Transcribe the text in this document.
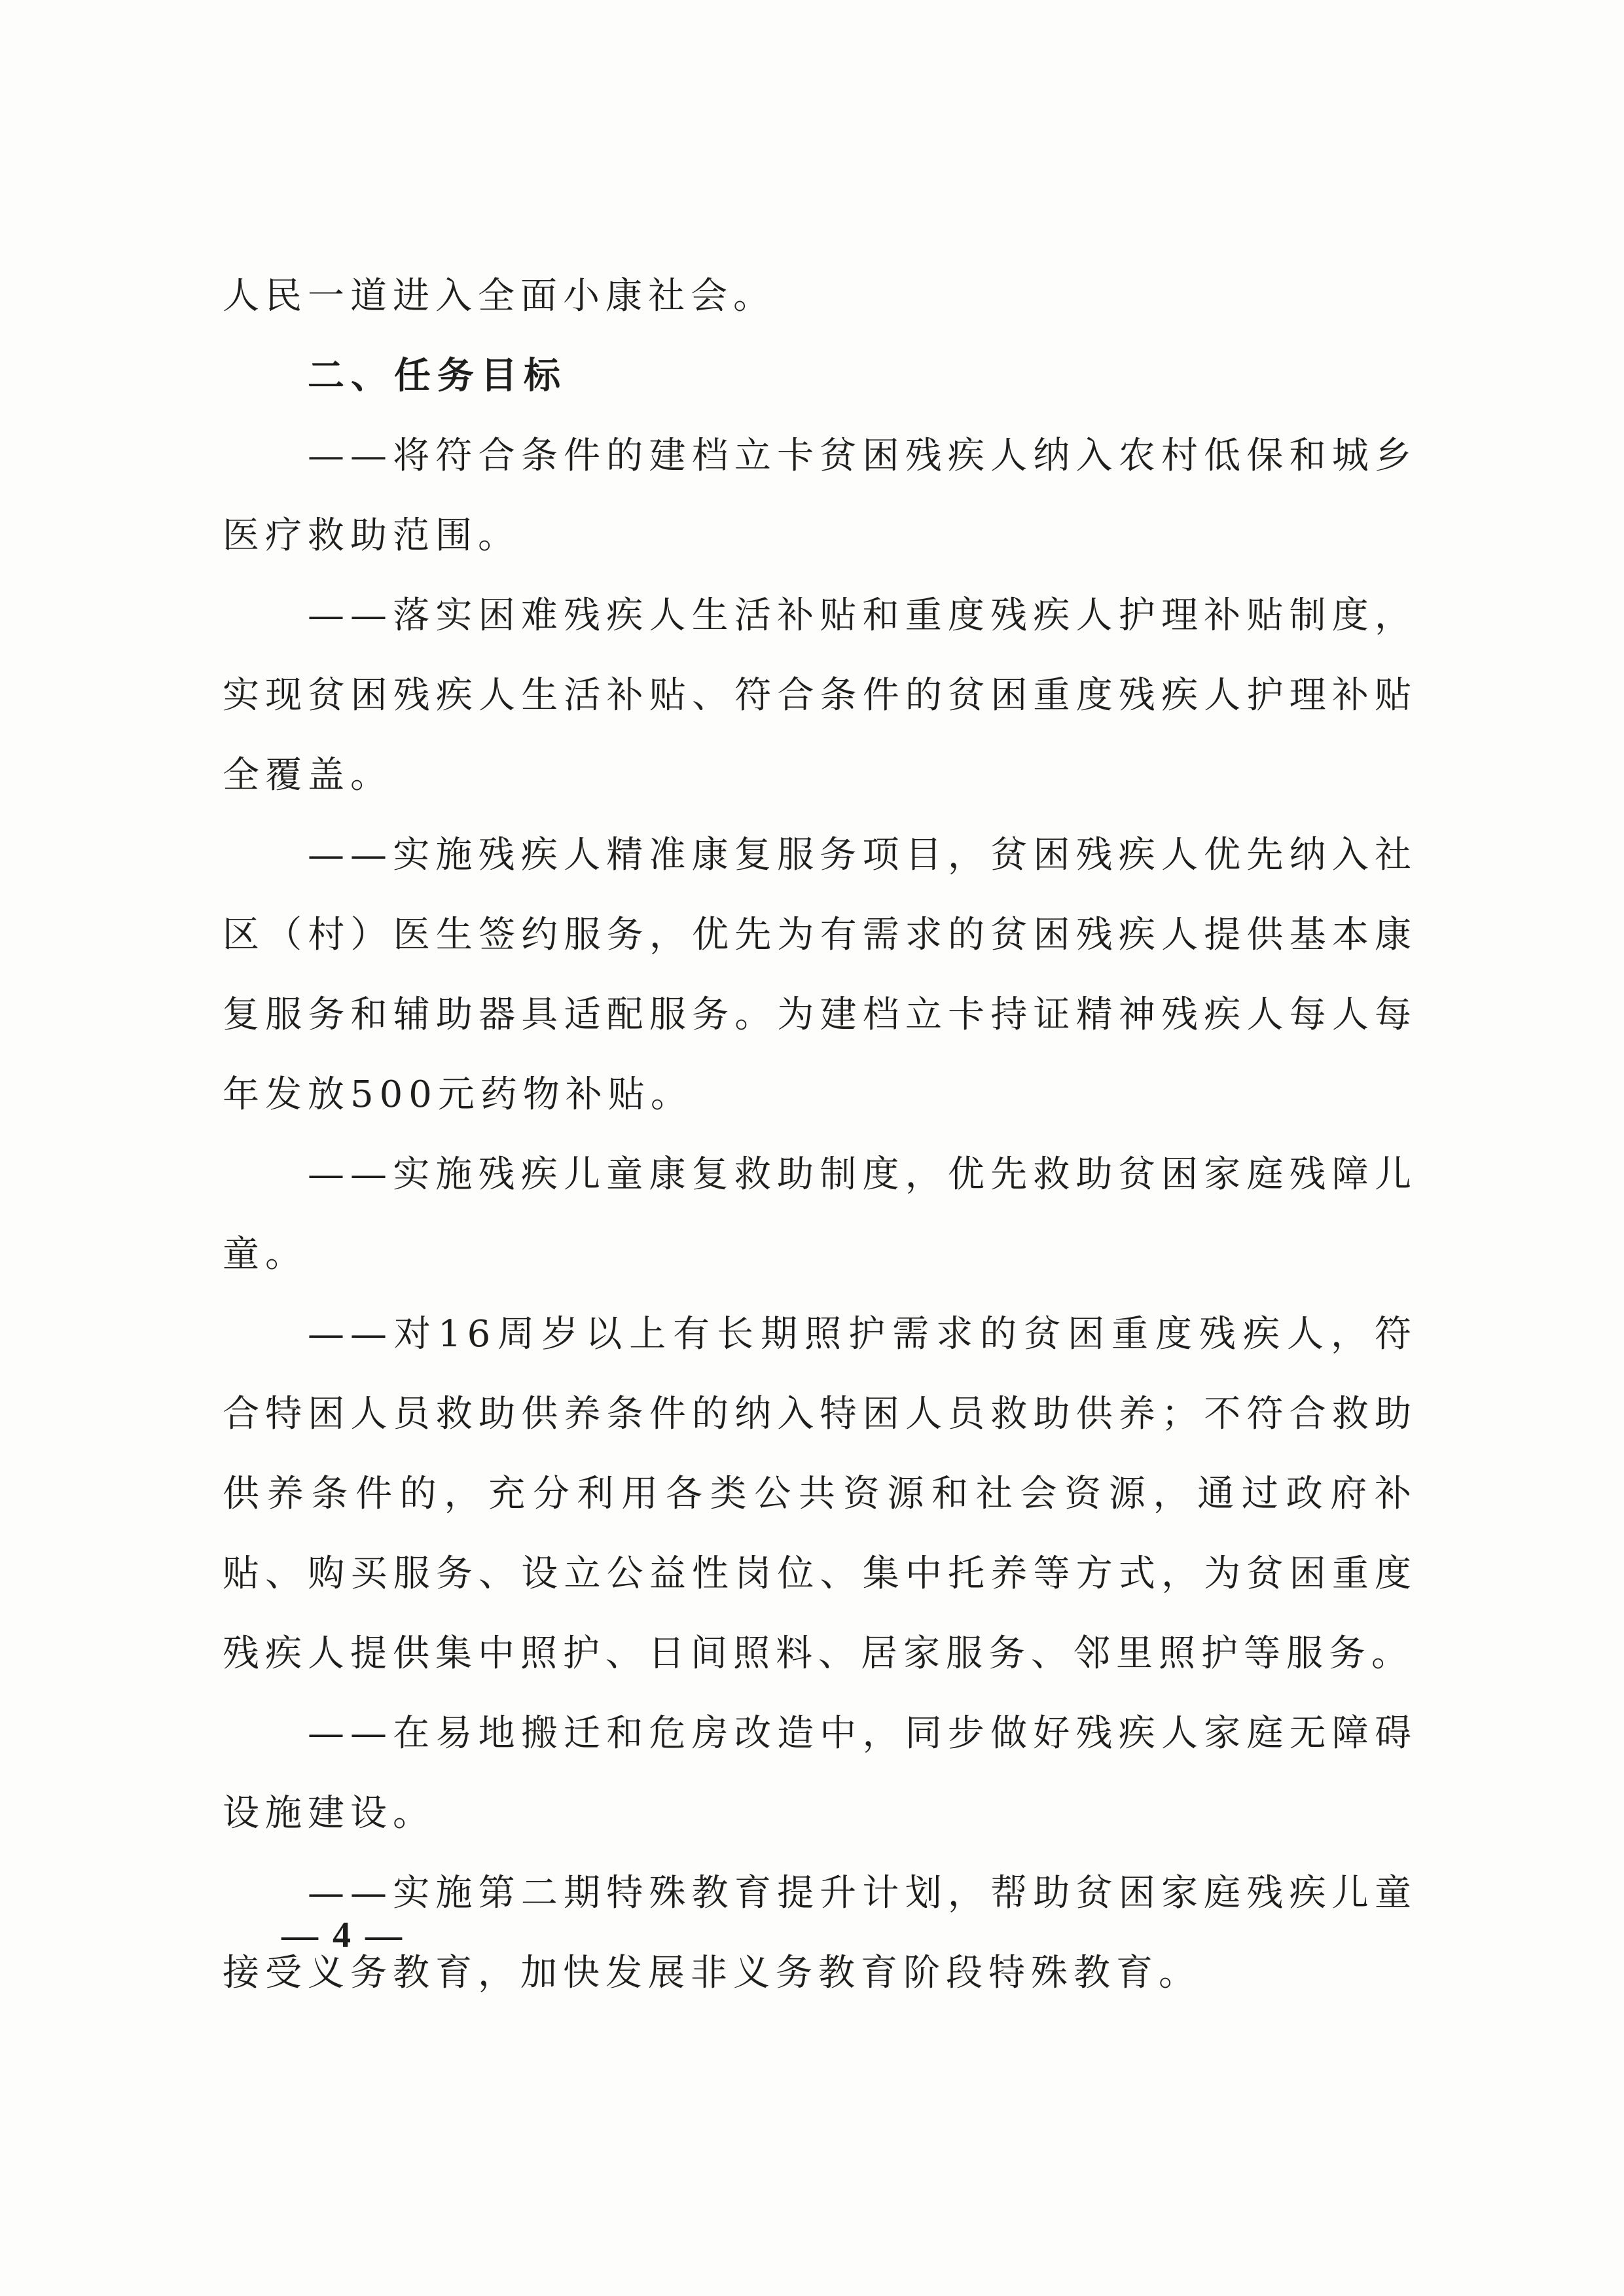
人民一道进入全面小康社会。

二、任务目标

——将符合条件的建档立卡贫困残疾人纳入农村低保和城乡医疗救助范围。

——落实困难残疾人生活补贴和重度残疾人护理补贴制度，实现贫困残疾人生活补贴、符合条件的贫困重度残疾人护理补贴全覆盖。

——实施残疾人精准康复服务项目，贫困残疾人优先纳入社区（村）医生签约服务，优先为有需求的贫困残疾人提供基本康复服务和辅助器具适配服务。为建档立卡持证精神残疾人每人每年发放500元药物补贴。

——实施残疾儿童康复救助制度，优先救助贫困家庭残障儿童。

——对16周岁以上有长期照护需求的贫困重度残疾人，符合特困人员救助供养条件的纳入特困人员救助供养；不符合救助供养条件的，充分利用各类公共资源和社会资源，通过政府补贴、购买服务、设立公益性岗位、集中托养等方式，为贫困重度残疾人提供集中照护、日间照料、居家服务、邻里照护等服务。

——在易地搬迁和危房改造中，同步做好残疾人家庭无障碍设施建设。

——实施第二期特殊教育提升计划，帮助贫困家庭残疾儿童接受义务教育，加快发展非义务教育阶段特殊教育。

— 4 —
